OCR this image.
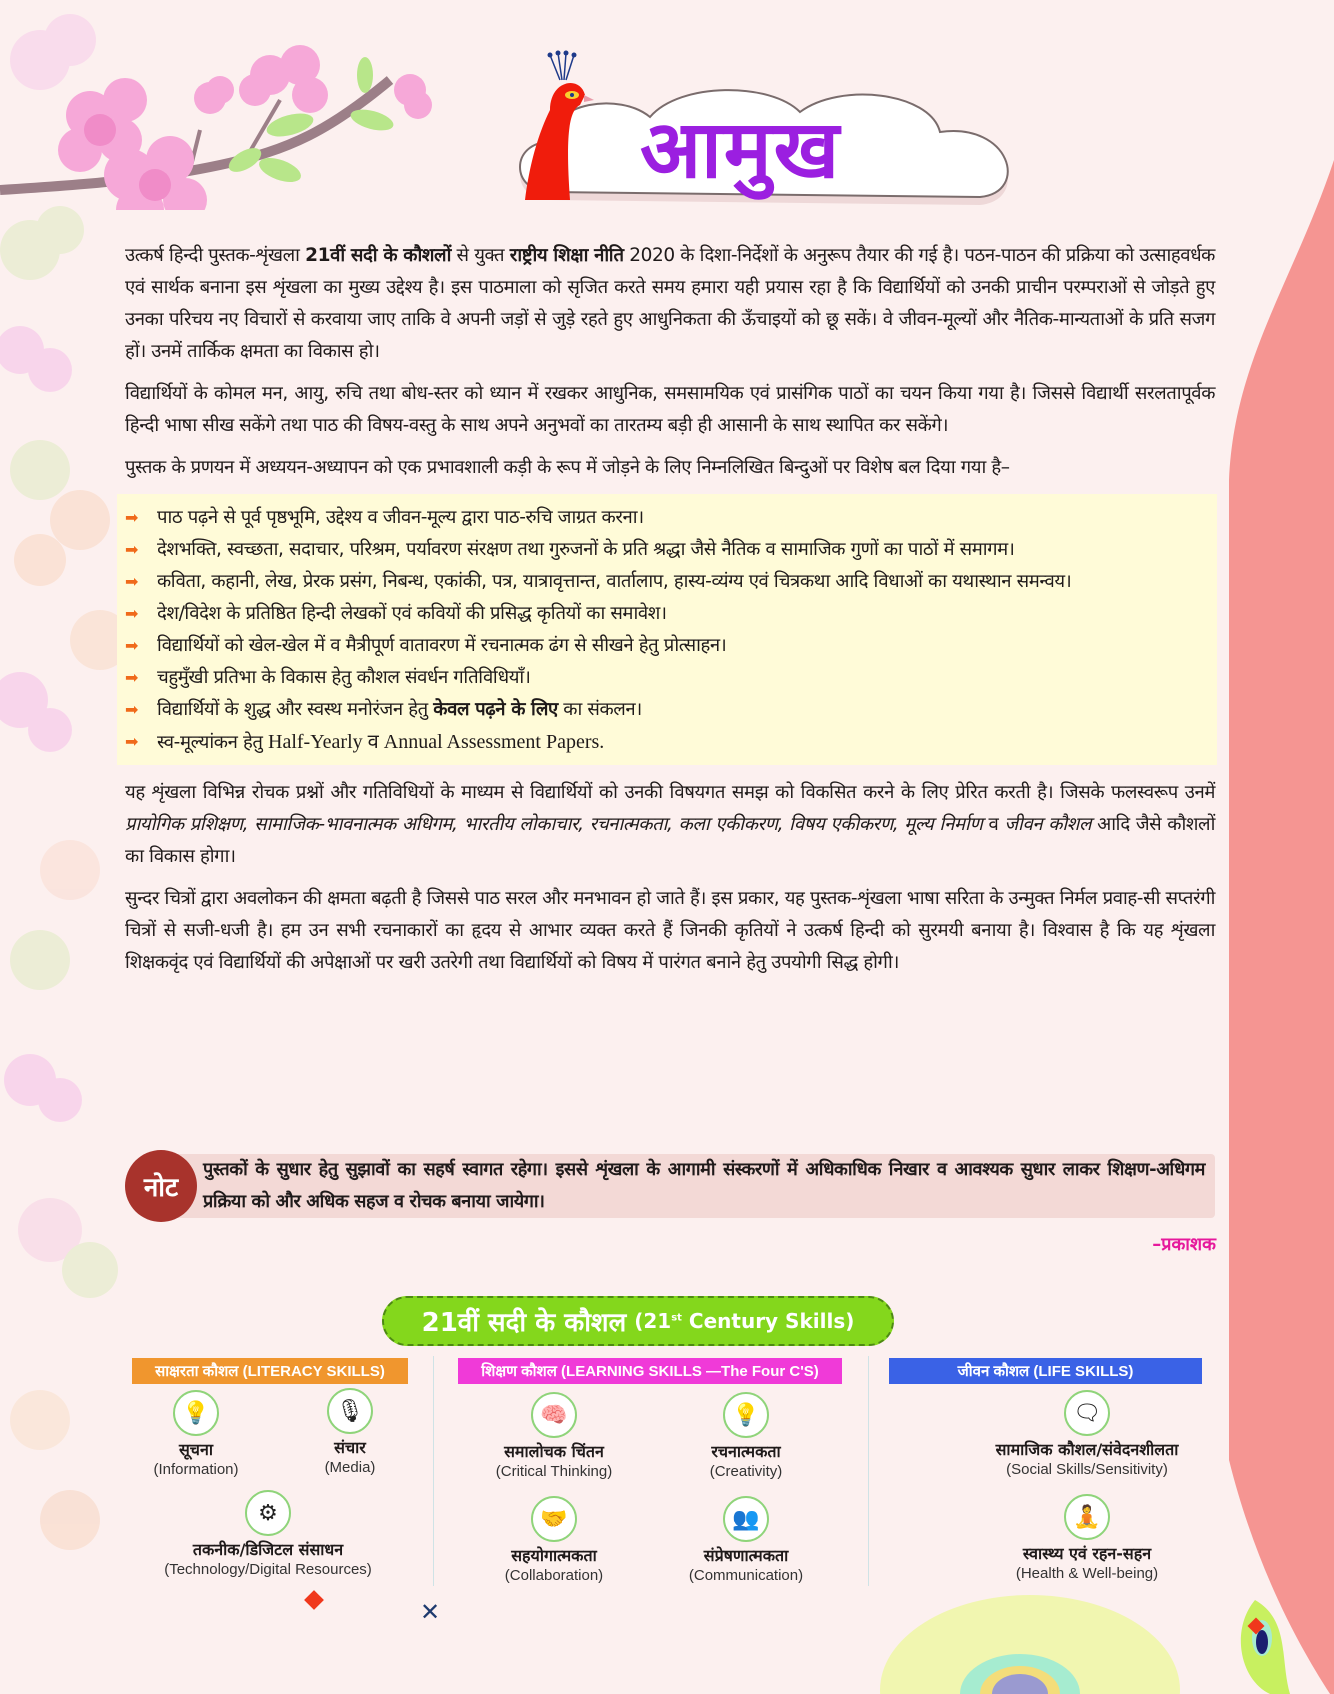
आमुख

उत्कर्ष हिन्दी पुस्तक-शृंखला 21वीं सदी के कौशलों से युक्त राष्ट्रीय शिक्षा नीति 2020 के दिशा-निर्देशों के अनुरूप तैयार की गई है। पठन-पाठन की प्रक्रिया को उत्साहवर्धक एवं सार्थक बनाना इस शृंखला का मुख्य उद्देश्य है। इस पाठमाला को सृजित करते समय हमारा यही प्रयास रहा है कि विद्यार्थियों को उनकी प्राचीन परम्पराओं से जोड़ते हुए उनका परिचय नए विचारों से करवाया जाए ताकि वे अपनी जड़ों से जुड़े रहते हुए आधुनिकता की ऊँचाइयों को छू सकें। वे जीवन-मूल्यों और नैतिक-मान्यताओं के प्रति सजग हों। उनमें तार्किक क्षमता का विकास हो।

विद्यार्थियों के कोमल मन, आयु, रुचि तथा बोध-स्तर को ध्यान में रखकर आधुनिक, समसामयिक एवं प्रासंगिक पाठों का चयन किया गया है। जिससे विद्यार्थी सरलतापूर्वक हिन्दी भाषा सीख सकेंगे तथा पाठ की विषय-वस्तु के साथ अपने अनुभवों का तारतम्य बड़ी ही आसानी के साथ स्थापित कर सकेंगे।

पुस्तक के प्रणयन में अध्ययन-अध्यापन को एक प्रभावशाली कड़ी के रूप में जोड़ने के लिए निम्नलिखित बिन्दुओं पर विशेष बल दिया गया है–

➡	पाठ पढ़ने से पूर्व पृष्ठभूमि, उद्देश्य व जीवन-मूल्य द्वारा पाठ-रुचि जाग्रत करना।
➡	देशभक्ति, स्वच्छता, सदाचार, परिश्रम, पर्यावरण संरक्षण तथा गुरुजनों के प्रति श्रद्धा जैसे नैतिक व सामाजिक गुणों का पाठों में समागम।
➡	कविता, कहानी, लेख, प्रेरक प्रसंग, निबन्ध, एकांकी, पत्र, यात्रावृत्तान्त, वार्तालाप, हास्य-व्यंग्य एवं चित्रकथा आदि विधाओं का यथास्थान समन्वय।
➡	देश/विदेश के प्रतिष्ठित हिन्दी लेखकों एवं कवियों की प्रसिद्ध कृतियों का समावेश।
➡	विद्यार्थियों को खेल-खेल में व मैत्रीपूर्ण वातावरण में रचनात्मक ढंग से सीखने हेतु प्रोत्साहन।
➡	चहुमुँखी प्रतिभा के विकास हेतु कौशल संवर्धन गतिविधियाँ।
➡	विद्यार्थियों के शुद्ध और स्वस्थ मनोरंजन हेतु केवल पढ़ने के लिए का संकलन।
➡	स्व-मूल्यांकन हेतु Half-Yearly व Annual Assessment Papers.

यह शृंखला विभिन्न रोचक प्रश्नों और गतिविधियों के माध्यम से विद्यार्थियों को उनकी विषयगत समझ को विकसित करने के लिए प्रेरित करती है। जिसके फलस्वरूप उनमें प्रायोगिक प्रशिक्षण, सामाजिक-भावनात्मक अधिगम, भारतीय लोकाचार, रचनात्मकता, कला एकीकरण, विषय एकीकरण, मूल्य निर्माण व जीवन कौशल आदि जैसे कौशलों का विकास होगा।

सुन्दर चित्रों द्वारा अवलोकन की क्षमता बढ़ती है जिससे पाठ सरल और मनभावन हो जाते हैं। इस प्रकार, यह पुस्तक-शृंखला भाषा सरिता के उन्मुक्त निर्मल प्रवाह-सी सप्तरंगी चित्रों से सजी-धजी है। हम उन सभी रचनाकारों का हृदय से आभार व्यक्त करते हैं जिनकी कृतियों ने उत्कर्ष हिन्दी को सुरमयी बनाया है। विश्वास है कि यह शृंखला शिक्षकवृंद एवं विद्यार्थियों की अपेक्षाओं पर खरी उतरेगी तथा विद्यार्थियों को विषय में पारंगत बनाने हेतु उपयोगी सिद्ध होगी।

नोट
पुस्तकों के सुधार हेतु सुझावों का सहर्ष स्वागत रहेगा। इससे शृंखला के आगामी संस्करणों में अधिकाधिक निखार व आवश्यक सुधार लाकर शिक्षण-अधिगम प्रक्रिया को और अधिक सहज व रोचक बनाया जायेगा।
–प्रकाशक
21वीं सदी के कौशल (21st Century Skills)
साक्षरता कौशल (LITERACY SKILLS)
💡
सूचना
(Information)
🎙
संचार
(Media)
⚙
तकनीक/डिजिटल संसाधन
(Technology/Digital Resources)
शिक्षण कौशल (LEARNING SKILLS —The Four C'S)
🧠
समालोचक चिंतन
(Critical Thinking)
💡
रचनात्मकता
(Creativity)
🤝
सहयोगात्मकता
(Collaboration)
👥
संप्रेषणात्मकता
(Communication)
जीवन कौशल (LIFE SKILLS)
🗨
सामाजिक कौशल/संवेदनशीलता
(Social Skills/Sensitivity)
🧘
स्वास्थ्य एवं रहन-सहन
(Health & Well-being)
✕
